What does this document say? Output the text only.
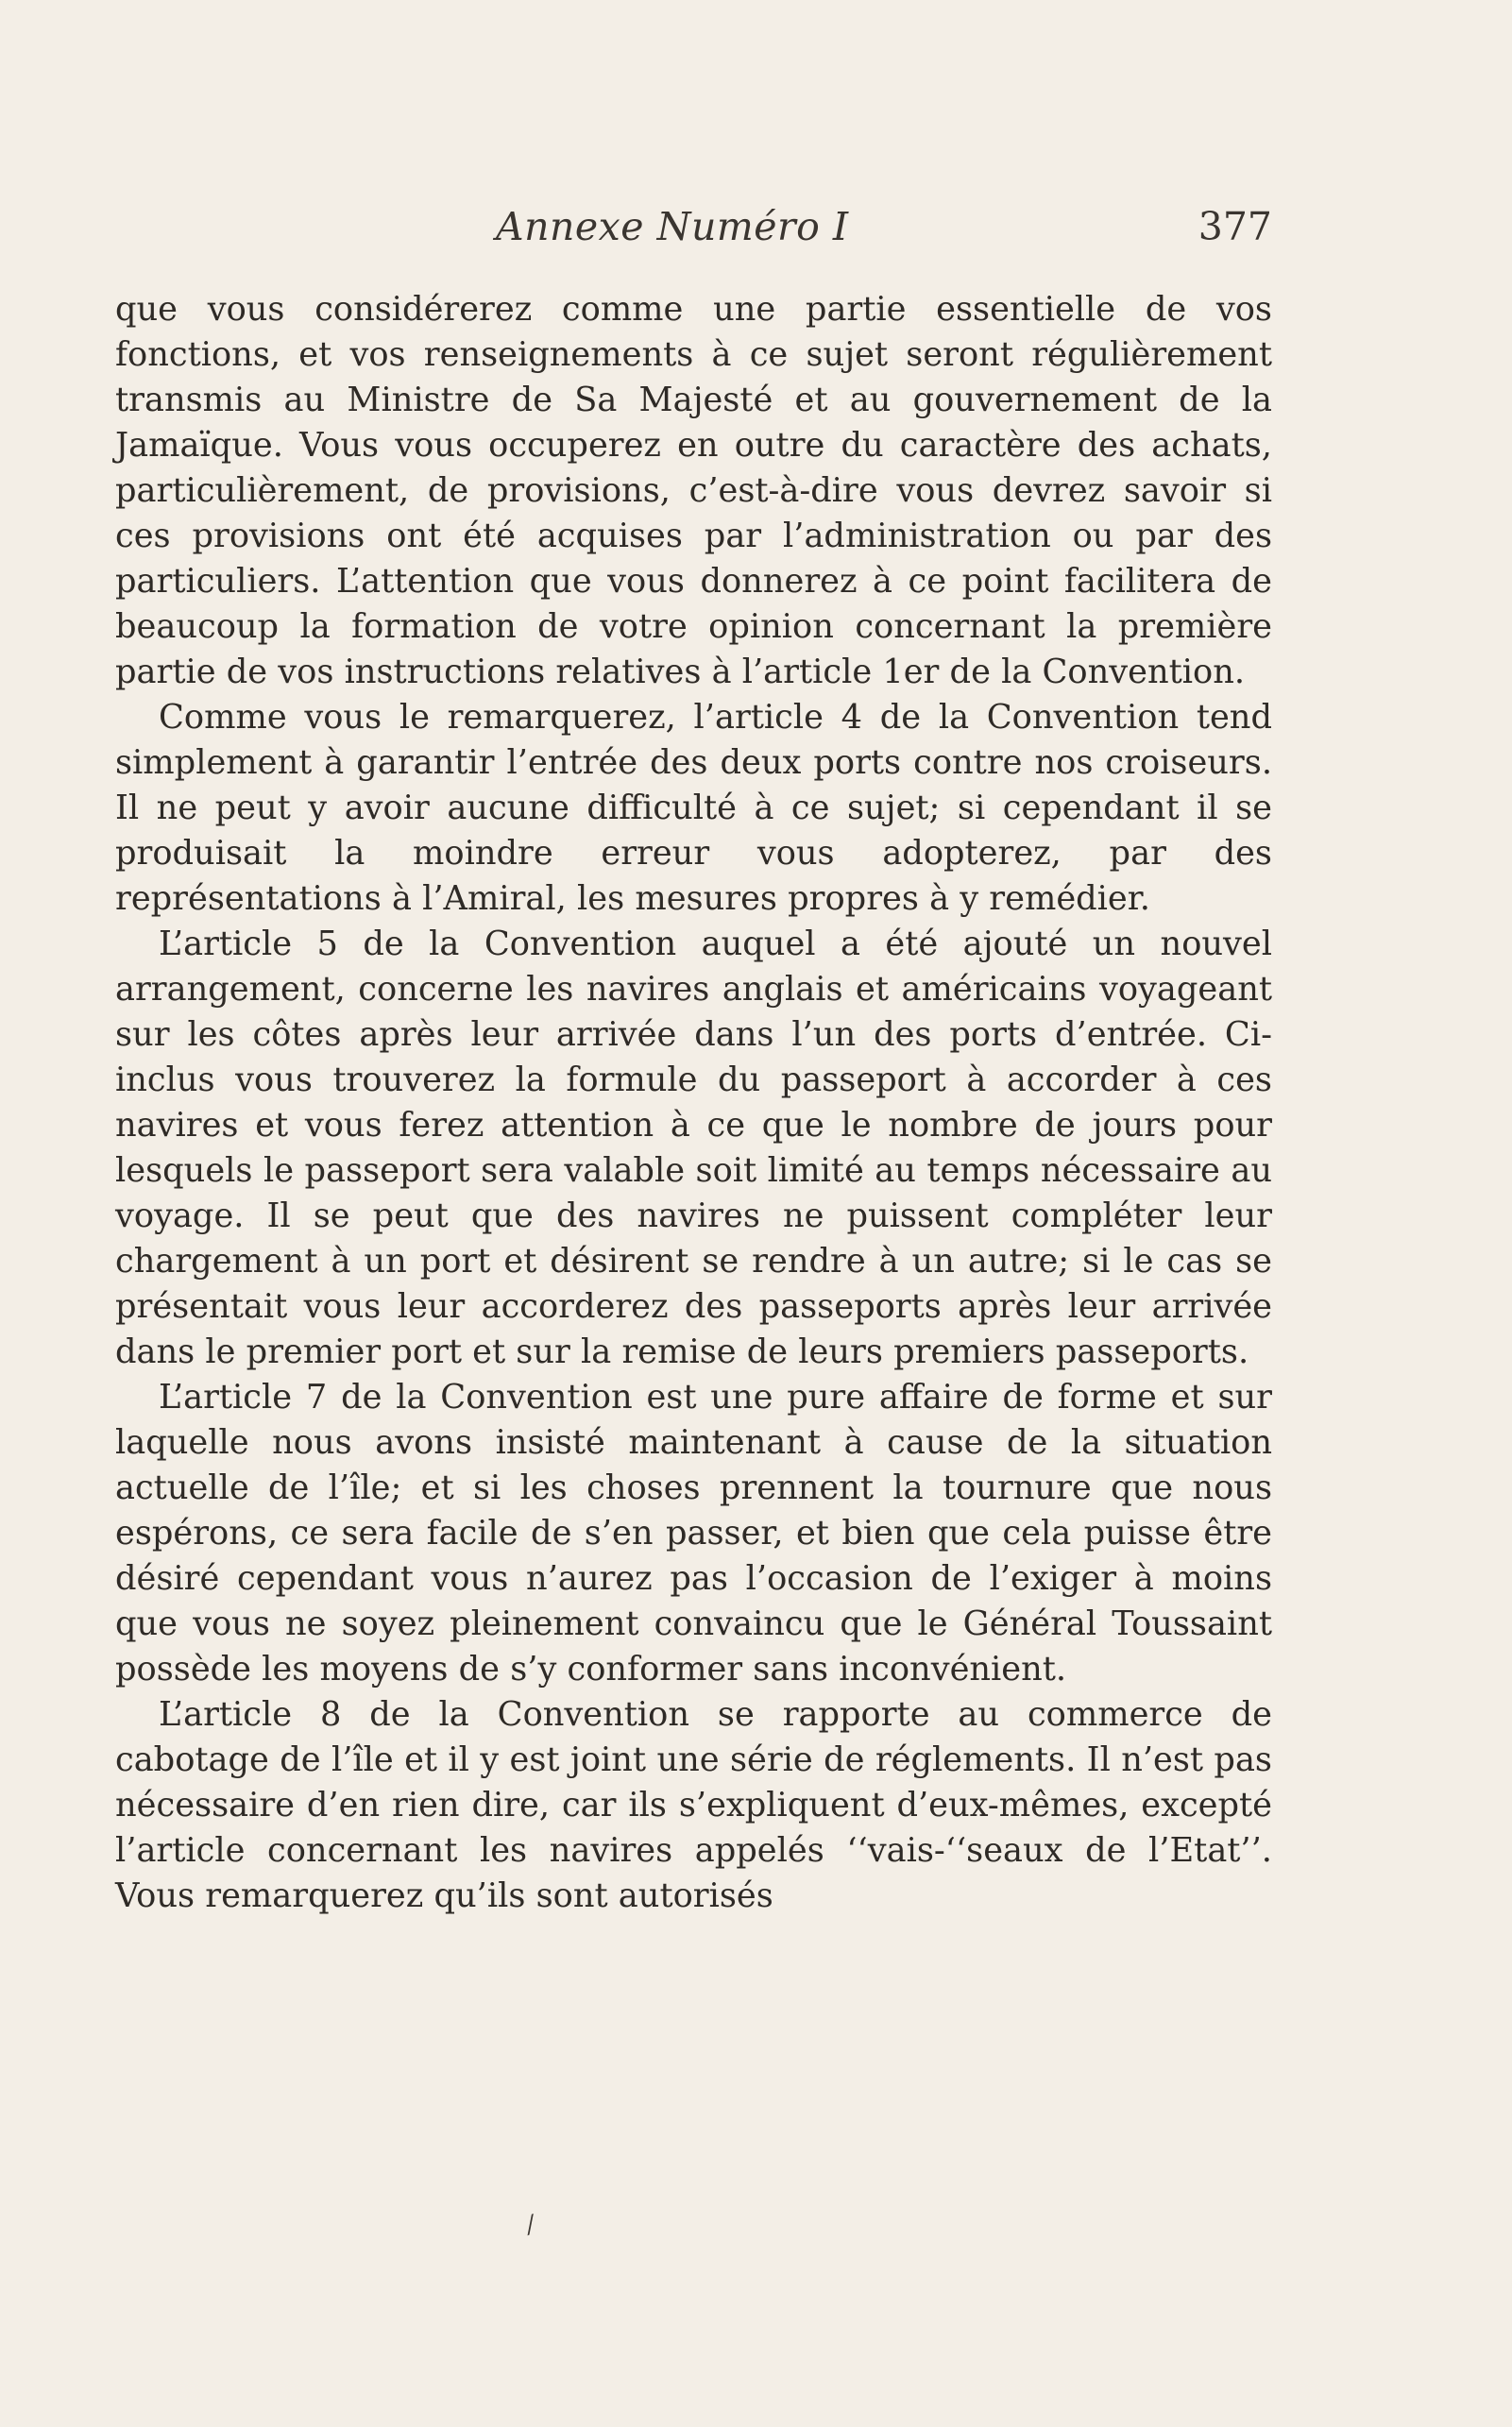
Annexe Numéro I	377

que vous considérerez comme une partie essentielle de vos fonctions, et vos renseignements à ce sujet seront régulièrement transmis au Ministre de Sa Majesté et au gouvernement de la Jamaïque. Vous vous occuperez en outre du caractère des achats, particulièrement, de provisions, c’est-à-dire vous devrez savoir si ces provisions ont été acquises par l’administration ou par des particuliers. L’attention que vous donnerez à ce point facilitera de beaucoup la formation de votre opinion concernant la première partie de vos instructions relatives à l’article 1er de la Convention.

Comme vous le remarquerez, l’article 4 de la Convention tend simplement à garantir l’entrée des deux ports contre nos croiseurs. Il ne peut y avoir aucune difficulté à ce sujet; si cependant il se produisait la moindre erreur vous adopterez, par des représentations à l’Amiral, les mesures propres à y remédier.

L’article 5 de la Convention auquel a été ajouté un nouvel arrangement, concerne les navires anglais et américains voyageant sur les côtes après leur arrivée dans l’un des ports d’entrée. Ci-inclus vous trouverez la formule du passeport à accorder à ces navires et vous ferez attention à ce que le nombre de jours pour lesquels le passeport sera valable soit limité au temps nécessaire au voyage. Il se peut que des navires ne puissent compléter leur chargement à un port et désirent se rendre à un autre; si le cas se présentait vous leur accorderez des passeports après leur arrivée dans le premier port et sur la remise de leurs premiers passeports.

L’article 7 de la Convention est une pure affaire de forme et sur laquelle nous avons insisté maintenant à cause de la situation actuelle de l’île; et si les choses prennent la tournure que nous espérons, ce sera facile de s’en passer, et bien que cela puisse être désiré cependant vous n’aurez pas l’occasion de l’exiger à moins que vous ne soyez pleinement convaincu que le Général Toussaint possède les moyens de s’y conformer sans inconvénient.

L’article 8 de la Convention se rapporte au commerce de cabotage de l’île et il y est joint une série de réglements. Il n’est pas nécessaire d’en rien dire, car ils s’expliquent d’eux-mêmes, excepté l’article concernant les navires appelés ‘‘vais-‘‘seaux de l’Etat’’. Vous remarquerez qu’ils sont autorisés

⁄
